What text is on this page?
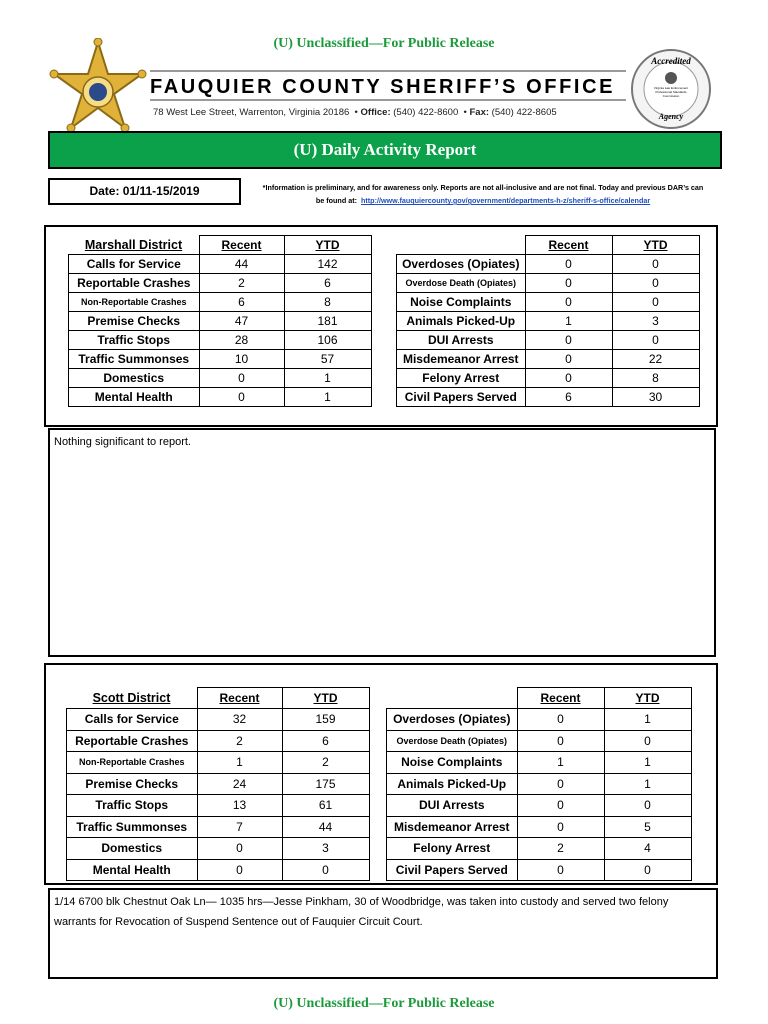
(U) Unclassified—For Public Release
FAUQUIER COUNTY SHERIFF’S OFFICE
78 West Lee Street, Warrenton, Virginia 20186  • Office: (540) 422-8600  • Fax: (540) 422-8605
Accredited
Virginia Law Enforcement Professional Standards Commission
Agency
(U) Daily Activity Report
Date: 01/11-15/2019	*Information is preliminary, and for awareness only. Reports are not all-inclusive and are not final. Today and previous DAR’s can
be found at: http://www.fauquiercounty.gov/government/departments-h-z/sheriff-s-office/calendar
Marshall District	Recent	YTD
Calls for Service	44	142
Reportable Crashes	2	6
Non-Reportable Crashes	6	8
Premise Checks	47	181
Traffic Stops	28	106
Traffic Summonses	10	57
Domestics	0	1
Mental Health	0	1
	Recent	YTD
Overdoses (Opiates)	0	0
Overdose Death (Opiates)	0	0
Noise Complaints	0	0
Animals Picked-Up	1	3
DUI Arrests	0	0
Misdemeanor Arrest	0	22
Felony Arrest	0	8
Civil Papers Served	6	30
Nothing significant to report.
Scott District	Recent	YTD
Calls for Service	32	159
Reportable Crashes	2	6
Non-Reportable Crashes	1	2
Premise Checks	24	175
Traffic Stops	13	61
Traffic Summonses	7	44
Domestics	0	3
Mental Health	0	0
	Recent	YTD
Overdoses (Opiates)	0	1
Overdose Death (Opiates)	0	0
Noise Complaints	1	1
Animals Picked-Up	0	1
DUI Arrests	0	0
Misdemeanor Arrest	0	5
Felony Arrest	2	4
Civil Papers Served	0	0
1/14 6700 blk Chestnut Oak Ln— 1035 hrs—Jesse Pinkham, 30 of Woodbridge, was taken into custody and served two felony warrants for Revocation of Suspend Sentence out of Fauquier Circuit Court.
(U) Unclassified—For Public Release
